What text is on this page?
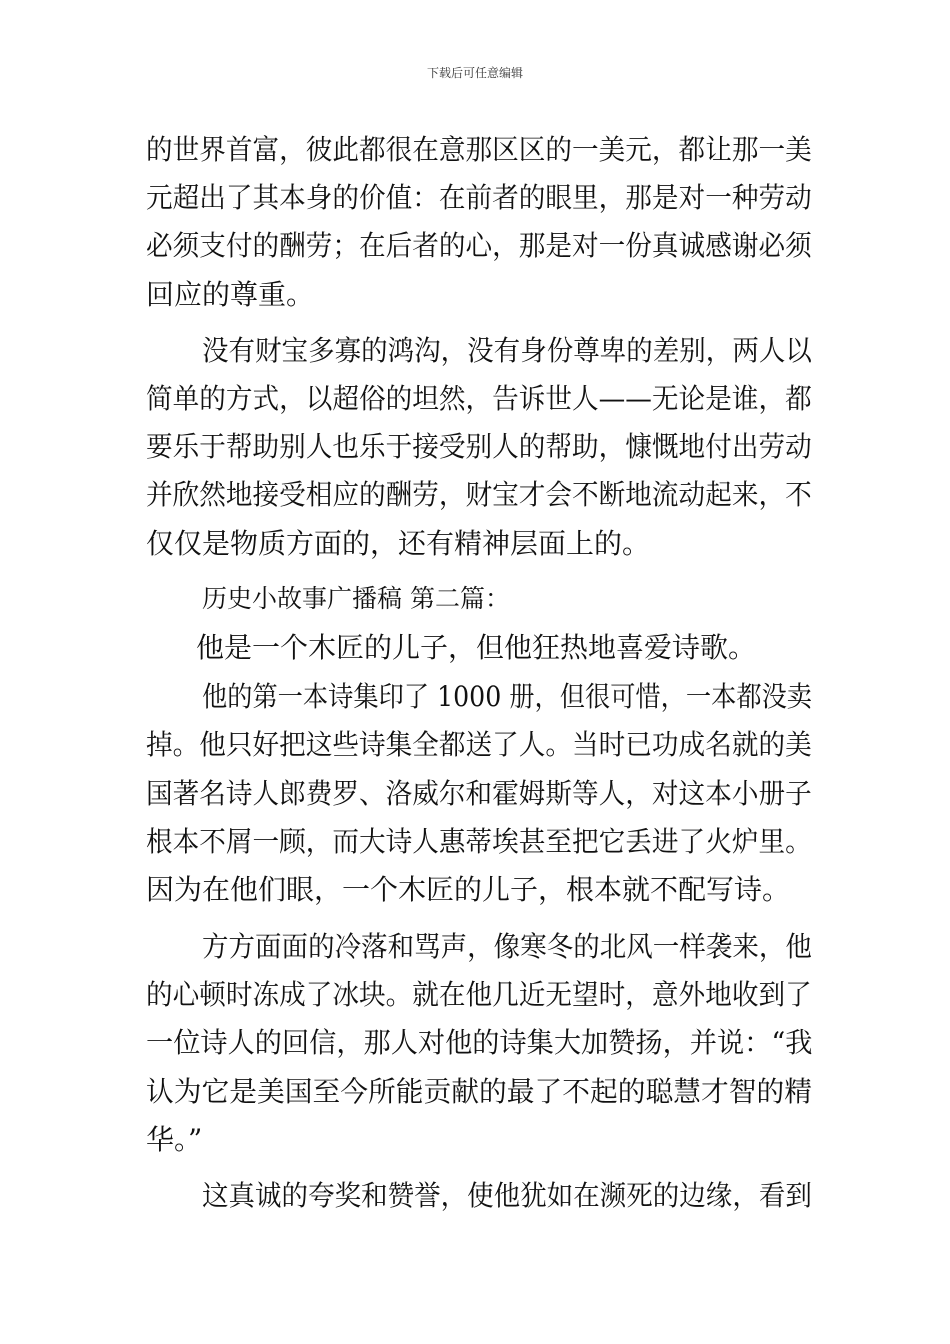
下载后可任意编辑
的世界首富，彼此都很在意那区区的一美元，都让那一美
元超出了其本身的价值：在前者的眼里，那是对一种劳动
必须支付的酬劳；在后者的心，那是对一份真诚感谢必须
回应的尊重。
没有财宝多寡的鸿沟，没有身份尊卑的差别，两人以
简单的方式，以超俗的坦然，告诉世人——无论是谁，都
要乐于帮助别人也乐于接受别人的帮助，慷慨地付出劳动
并欣然地接受相应的酬劳，财宝才会不断地流动起来，不
仅仅是物质方面的，还有精神层面上的。
历史小故事广播稿 第二篇：
他是一个木匠的儿子，但他狂热地喜爱诗歌。
他的第一本诗集印了 1000 册，但很可惜，一本都没卖
掉。他只好把这些诗集全都送了人。当时已功成名就的美
国著名诗人郎费罗、洛威尔和霍姆斯等人，对这本小册子
根本不屑一顾，而大诗人惠蒂埃甚至把它丢进了火炉里。
因为在他们眼，一个木匠的儿子，根本就不配写诗。
方方面面的冷落和骂声，像寒冬的北风一样袭来，他
的心顿时冻成了冰块。就在他几近无望时，意外地收到了
一位诗人的回信，那人对他的诗集大加赞扬，并说：“我
认为它是美国至今所能贡献的最了不起的聪慧才智的精
华。”
这真诚的夸奖和赞誉，使他犹如在濒死的边缘，看到
